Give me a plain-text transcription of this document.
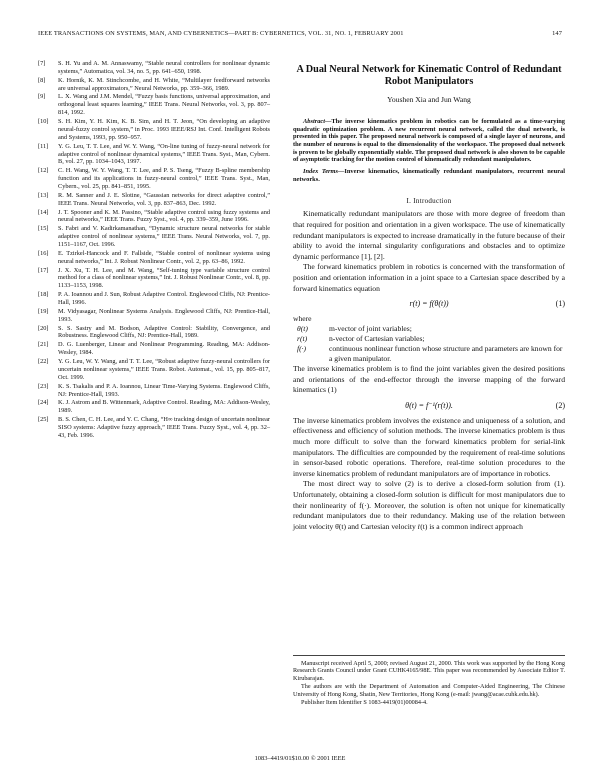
IEEE TRANSACTIONS ON SYSTEMS, MAN, AND CYBERNETICS—PART B: CYBERNETICS, VOL. 31, NO. 1, FEBRUARY 2001	147
[7]	S. H. Yu and A. M. Annaswamy, “Stable neural controllers for nonlinear dynamic systems,” Automatica, vol. 34, no. 5, pp. 641–650, 1998.
[8]	K. Hornik, K. M. Stinchcombe, and H. White, “Multilayer feedforward networks are universal approximators,” Neural Networks, pp. 359–366, 1989.
[9]	L. X. Wang and J.M. Mendel, “Fuzzy basis functions, universal approximation, and orthogonal least squares learning,” IEEE Trans. Neural Networks, vol. 3, pp. 807–814, 1992.
[10]	S. H. Kim, Y. H. Kim, K. B. Sim, and H. T. Jeon, “On developing an adaptive neural-fuzzy control system,” in Proc. 1993 IEEE/RSJ Int. Conf. Intelligent Robots and Systems, 1993, pp. 950–957.
[11]	Y. G. Leu, T. T. Lee, and W. Y. Wang, “On-line tuning of fuzzy-neural network for adaptive control of nonlinear dynamical systems,” IEEE Trans. Syst., Man, Cybern. B, vol. 27, pp. 1034–1043, 1997.
[12]	C. H. Wang, W. Y. Wang, T. T. Lee, and P. S. Tseng, “Fuzzy B-spline membership function and its applications in fuzzy-neural control,” IEEE Trans. Syst., Man, Cybern., vol. 25, pp. 841–851, 1995.
[13]	R. M. Sanner and J. E. Slotine, “Gaussian networks for direct adaptive control,” IEEE Trans. Neural Networks, vol. 3, pp. 837–863, Dec. 1992.
[14]	J. T. Spooner and K. M. Passino, “Stable adaptive control using fuzzy systems and neural networks,” IEEE Trans. Fuzzy Syst., vol. 4, pp. 339–359, June 1996.
[15]	S. Fabri and V. Kadirkamanathan, “Dynamic structure neural networks for stable adaptive control of nonlinear systems,” IEEE Trans. Neural Networks, vol. 7, pp. 1151–1167, Oct. 1996.
[16]	E. Tzirkel-Hancock and F. Fallside, “Stable control of nonlinear systems using neural networks,” Int. J. Robust Nonlinear Contr., vol. 2, pp. 63–86, 1992.
[17]	J. X. Xu, T. H. Lee, and M. Wang, “Self-tuning type variable structure control method for a class of nonlinear systems,” Int. J. Robust Nonlinear Contr., vol. 8, pp. 1133–1153, 1998.
[18]	P. A. Ioannou and J. Sun, Robust Adaptive Control. Englewood Cliffs, NJ: Prentice-Hall, 1996.
[19]	M. Vidyasagar, Nonlinear Systems Analysis. Englewood Cliffs, NJ: Prentice-Hall, 1993.
[20]	S. S. Sastry and M. Bodson, Adaptive Control: Stability, Convergence, and Robustness. Englewood Cliffs, NJ: Prentice-Hall, 1989.
[21]	D. G. Luenberger, Linear and Nonlinear Programming. Reading, MA: Addison-Wesley, 1984.
[22]	Y. G. Leu, W. Y. Wang, and T. T. Lee, “Robust adaptive fuzzy-neural controllers for uncertain nonlinear systems,” IEEE Trans. Robot. Automat., vol. 15, pp. 805–817, Oct. 1999.
[23]	K. S. Tsakalis and P. A. Ioannou, Linear Time-Varying Systems. Englewood Cliffs, NJ: Prentice-Hall, 1993.
[24]	K. J. Astrom and B. Wittenmark, Adaptive Control. Reading, MA: Addison-Wesley, 1989.
[25]	B. S. Chen, C. H. Lee, and Y. C. Chang, “H∞ tracking design of uncertain nonlinear SISO systems: Adaptive fuzzy approach,” IEEE Trans. Fuzzy Syst., vol. 4, pp. 32–43, Feb. 1996.
A Dual Neural Network for Kinematic Control of Redundant Robot Manipulators
Youshen Xia and Jun Wang
Abstract—The inverse kinematics problem in robotics can be formulated as a time-varying quadratic optimization problem. A new recurrent neural network, called the dual network, is presented in this paper. The proposed neural network is composed of a single layer of neurons, and the number of neurons is equal to the dimensionality of the workspace. The proposed dual network is proven to be globally exponentially stable. The proposed dual network is also shown to be capable of asymptotic tracking for the motion control of kinematically redundant manipulators.
Index Terms—Inverse kinematics, kinematically redundant manipulators, recurrent neural networks.
I. Introduction

Kinematically redundant manipulators are those with more degree of freedom than that required for position and orientation in a given workspace. The use of kinematically redundant manipulators is expected to increase dramatically in the future because of their ability to avoid the internal singularity configurations and obstacles and to optimize dynamic performance [1], [2].

The forward kinematics problem in robotics is concerned with the transformation of position and orientation information in a joint space to a Cartesian space described by a forward kinematics equation

r(t) = f(θ(t))	(1)
where
θ(t)	m-vector of joint variables;
r(t)	n-vector of Cartesian variables;
f(·)	continuous nonlinear function whose structure and parameters are known for a given manipulator.

The inverse kinematics problem is to find the joint variables given the desired positions and orientations of the end-effector through the inverse mapping of the forward kinematics (1)

θ(t) = f⁻¹(r(t)).	(2)

The inverse kinematics problem involves the existence and uniqueness of a solution, and effectiveness and efficiency of solution methods. The inverse kinematics problem is thus much more difficult to solve than the forward kinematics problem for serial-link manipulators. The difficulties are compounded by the requirement of real-time solutions in sensor-based robotic operations. Therefore, real-time solution procedures to the inverse kinematics problem of redundant manipulators are of importance in robotics.

The most direct way to solve (2) is to derive a closed-form solution from (1). Unfortunately, obtaining a closed-form solution is difficult for most manipulators due to their nonlinearity of f(·). Moreover, the solution is often not unique for kinematically redundant manipulators due to their redundancy. Making use of the relation between joint velocity θ̇(t) and Cartesian velocity ṙ(t) is a common indirect approach

Manuscript received April 5, 2000; revised August 21, 2000. This work was supported by the Hong Kong Research Grants Council under Grant CUHK4165/98E. This paper was recommended by Associate Editor T. Kirubarajan.

The authors are with the Department of Automation and Computer-Aided Engineering, The Chinese University of Hong Kong, Shatin, New Territories, Hong Kong (e-mail: jwang@acae.cuhk.edu.hk).

Publisher Item Identifier S 1083-4419(01)00084-4.

1083–4419/01$10.00 © 2001 IEEE
